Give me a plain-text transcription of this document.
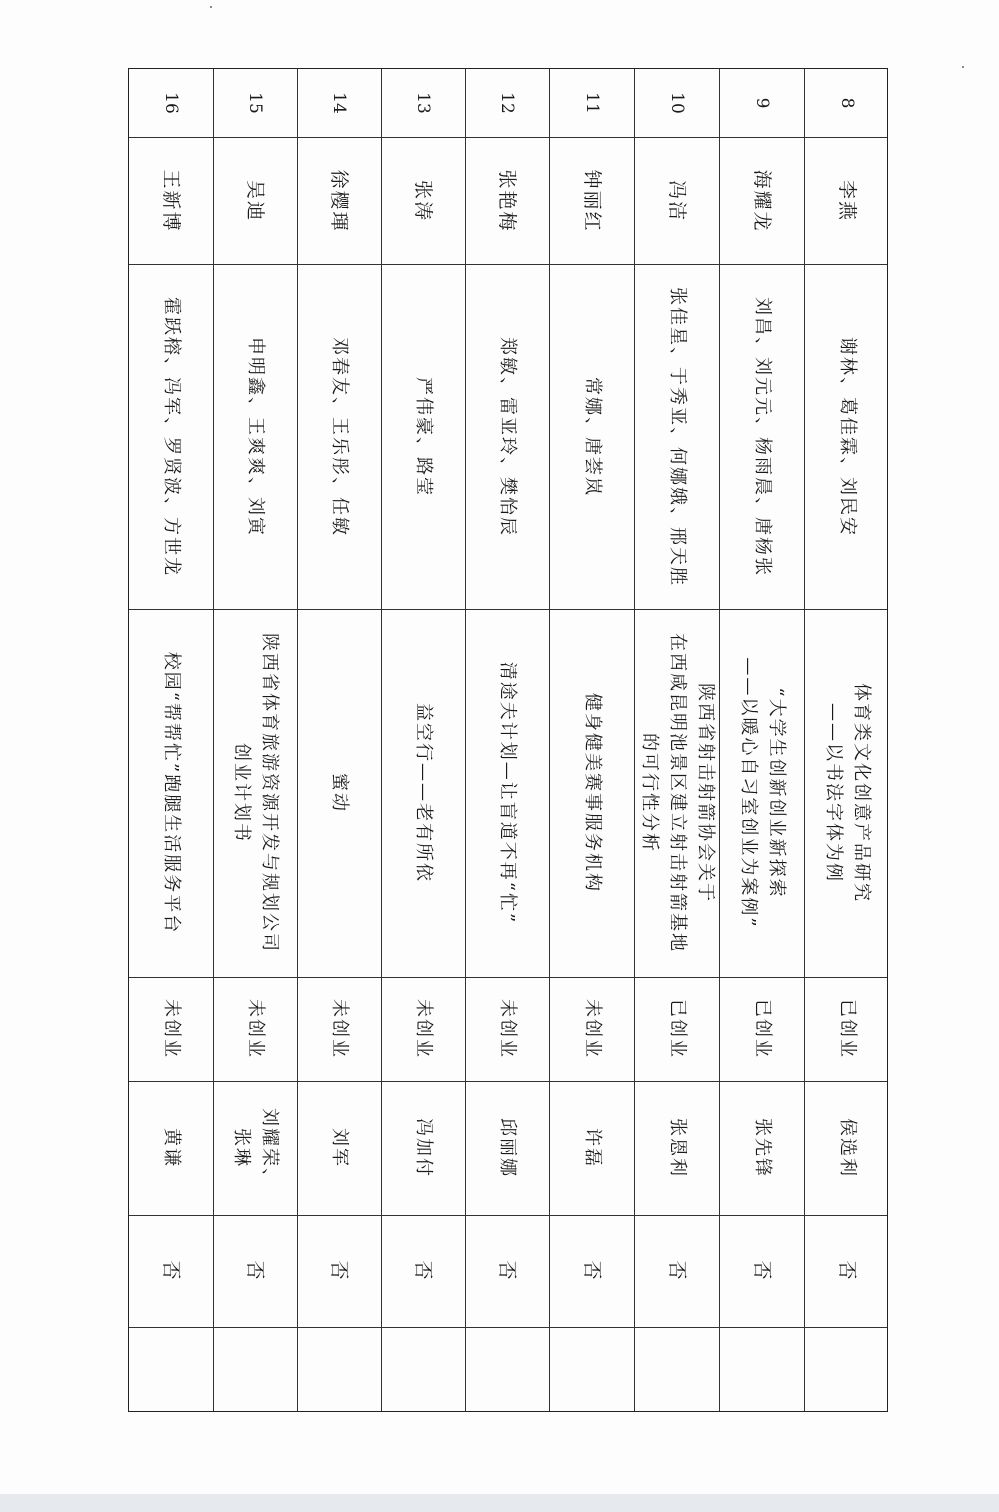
8
李燕
谢林、葛佳霖、刘民安
体育类文化创意产品研究
——以书法字体为例
已创业
侯选利
否
9
海耀龙
刘昌、刘元元、杨雨晨、唐杨张
“大学生创新创业新探索
——以暖心自习室创业为案例”
已创业
张先锋
否
10
冯洁
张佳星、于秀亚、何娜娥、邢天胜
陕西省射击射箭协会关于
在西咸昆明池景区建立射击射箭基地
的可行性分析
已创业
张恩利
否
11
钟丽红
常娜、唐荟岚
健身健美赛事服务机构
未创业
许磊
否
12
张艳梅
郑敏、雷亚玲、樊怡辰
清途夫计划—让盲道不再“忙”
未创业
邱丽娜
否
13
张涛
严伟豪、路莹
益空行——老有所依
未创业
冯加付
否
14
徐樱琿
邓春友、王乐彤、任敏
蜜动
未创业
刘军
否
15
吴迪
申明鑫、王爽爽、刘寅
陕西省体育旅游资源开发与规划公司
创业计划书
未创业
刘耀荣、
张琳
否
16
王新博
霍跃榕、冯军、罗贤波、方世龙
校园“帮帮忙”跑腿生活服务平台
未创业
黄谦
否
